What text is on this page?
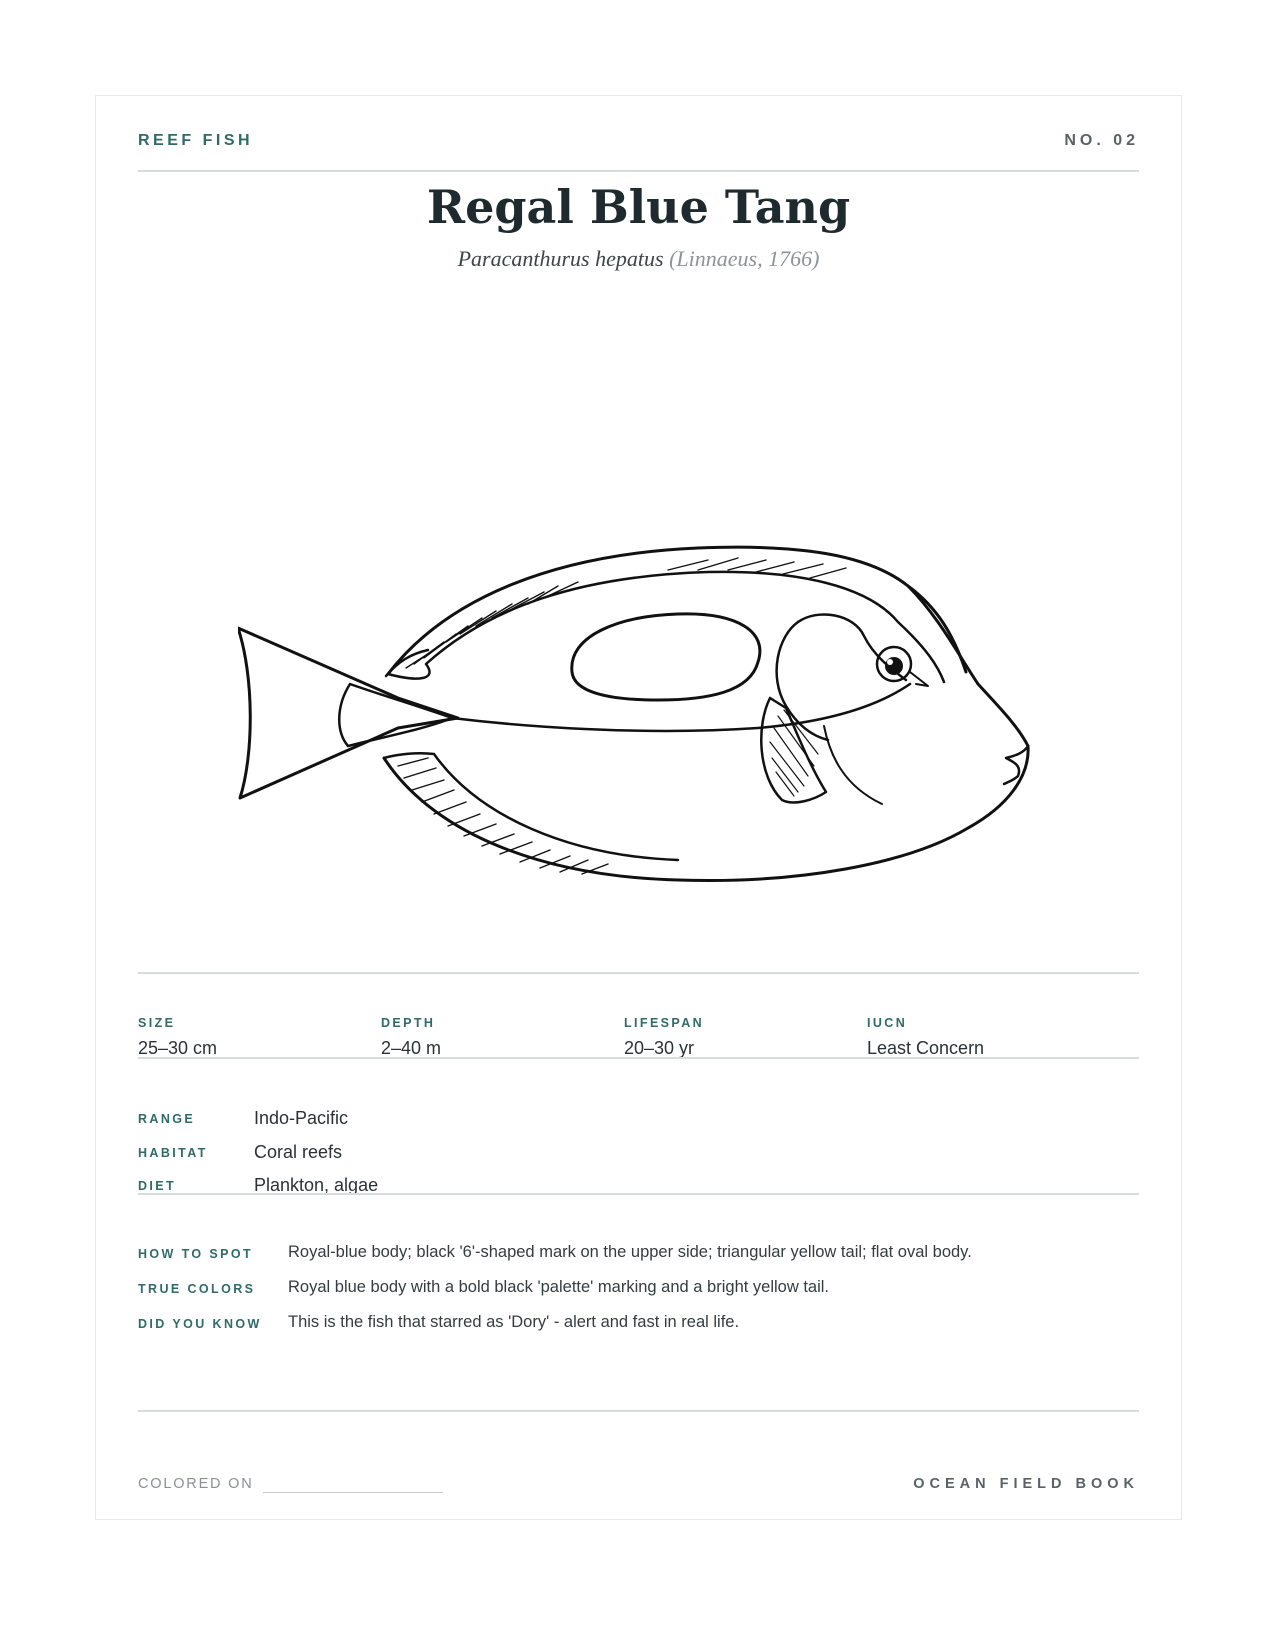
REEF FISH	NO. 02
Regal Blue Tang
Paracanthurus hepatus (Linnaeus, 1766)
SIZE
25–30 cm
DEPTH
2–40 m
LIFESPAN
20–30 yr
IUCN
Least Concern
RANGE	Indo-Pacific
HABITAT	Coral reefs
DIET	Plankton, algae
HOW TO SPOT Royal-blue body; black '6'-shaped mark on the upper side; triangular yellow tail; flat oval body.
TRUE COLORS Royal blue body with a bold black 'palette' marking and a bright yellow tail.
DID YOU KNOW This is the fish that starred as 'Dory' - alert and fast in real life.
COLORED ON	OCEAN FIELD BOOK
